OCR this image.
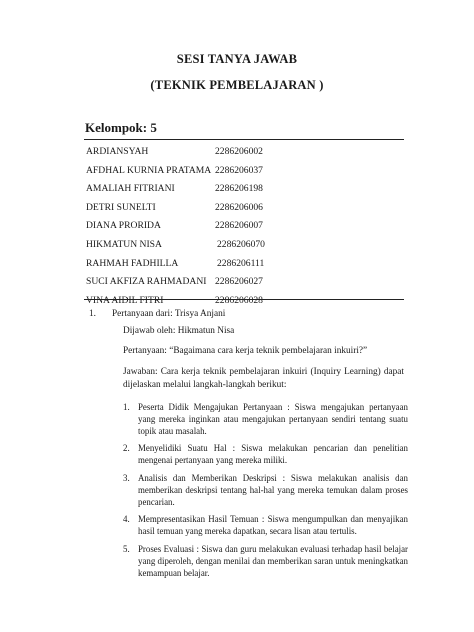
SESI TANYA JAWAB
(TEKNIK PEMBELAJARAN )
Kelompok: 5
ARDIANSYAH	2286206002
AFDHAL KURNIA PRATAMA 2286206037
AMALIAH FITRIANI	2286206198
DETRI SUNELTI	2286206006
DIANA PRORIDA	2286206007
HIKMATUN NISA	2286206070
RAHMAH FADHILLA	2286206111
SUCI AKFIZA RAHMADANI 2286206027
VINA AIDIL FITRI	2286206028
1. Pertanyaan dari: Trisya Anjani
Dijawab oleh: Hikmatun Nisa
Pertanyaan: “Bagaimana cara kerja teknik pembelajaran inkuiri?”
Jawaban: Cara kerja teknik pembelajaran inkuiri (Inquiry Learning) dapat dijelaskan melalui langkah-langkah berikut:
1. Peserta Didik Mengajukan Pertanyaan : Siswa mengajukan pertanyaan yang mereka inginkan atau mengajukan pertanyaan sendiri tentang suatu topik atau masalah.
2. Menyelidiki Suatu Hal : Siswa melakukan pencarian dan penelitian mengenai pertanyaan yang mereka miliki.
3. Analisis dan Memberikan Deskripsi : Siswa melakukan analisis dan memberikan deskripsi tentang hal-hal yang mereka temukan dalam proses pencarian.
4. Mempresentasikan Hasil Temuan : Siswa mengumpulkan dan menyajikan hasil temuan yang mereka dapatkan, secara lisan atau tertulis.
5. Proses Evaluasi : Siswa dan guru melakukan evaluasi terhadap hasil belajar yang diperoleh, dengan menilai dan memberikan saran untuk meningkatkan kemampuan belajar.
